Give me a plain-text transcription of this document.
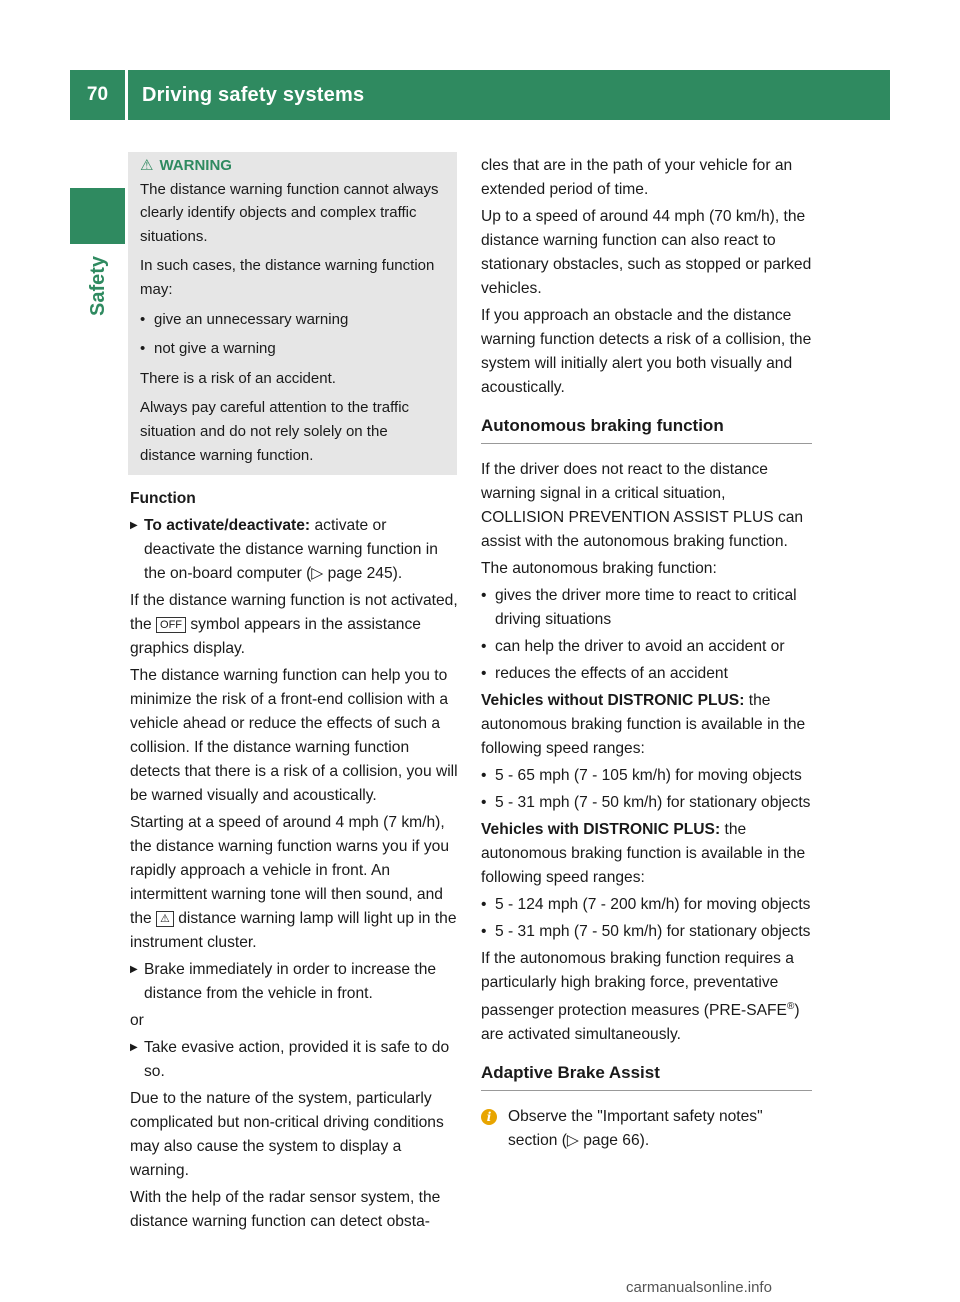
70	Driving safety systems
Safety
⚠ WARNING

The distance warning function cannot always clearly identify objects and complex traffic situations.

In such cases, the distance warning function may:

• give an unnecessary warning
• not give a warning

There is a risk of an accident.

Always pay careful attention to the traffic situation and do not rely solely on the distance warning function.

Function

▶ To activate/deactivate: activate or deactivate the distance warning function in the on-board computer (▷ page 245).

If the distance warning function is not activated, the OFF symbol appears in the assistance graphics display.

The distance warning function can help you to minimize the risk of a front-end collision with a vehicle ahead or reduce the effects of such a collision. If the distance warning function detects that there is a risk of a collision, you will be warned visually and acoustically.

Starting at a speed of around 4 mph (7 km/h), the distance warning function warns you if you rapidly approach a vehicle in front. An intermittent warning tone will then sound, and the ⚠ distance warning lamp will light up in the instrument cluster.

▶ Brake immediately in order to increase the distance from the vehicle in front.

or

▶ Take evasive action, provided it is safe to do so.

Due to the nature of the system, particularly complicated but non-critical driving conditions may also cause the system to display a warning.

With the help of the radar sensor system, the distance warning function can detect obsta-

cles that are in the path of your vehicle for an extended period of time.

Up to a speed of around 44 mph (70 km/h), the distance warning function can also react to stationary obstacles, such as stopped or parked vehicles.

If you approach an obstacle and the distance warning function detects a risk of a collision, the system will initially alert you both visually and acoustically.

Autonomous braking function

If the driver does not react to the distance warning signal in a critical situation, COLLISION PREVENTION ASSIST PLUS can assist with the autonomous braking function.

The autonomous braking function:

• gives the driver more time to react to critical driving situations
• can help the driver to avoid an accident or
• reduces the effects of an accident

Vehicles without DISTRONIC PLUS: the autonomous braking function is available in the following speed ranges:

• 5 - 65 mph (7 - 105 km/h) for moving objects
• 5 - 31 mph (7 - 50 km/h) for stationary objects

Vehicles with DISTRONIC PLUS: the autonomous braking function is available in the following speed ranges:

• 5 - 124 mph (7 - 200 km/h) for moving objects
• 5 - 31 mph (7 - 50 km/h) for stationary objects

If the autonomous braking function requires a particularly high braking force, preventative passenger protection measures (PRE-SAFE®) are activated simultaneously.

Adaptive Brake Assist
i	Observe the "Important safety notes" section (▷ page 66).
carmanualsonline.info
